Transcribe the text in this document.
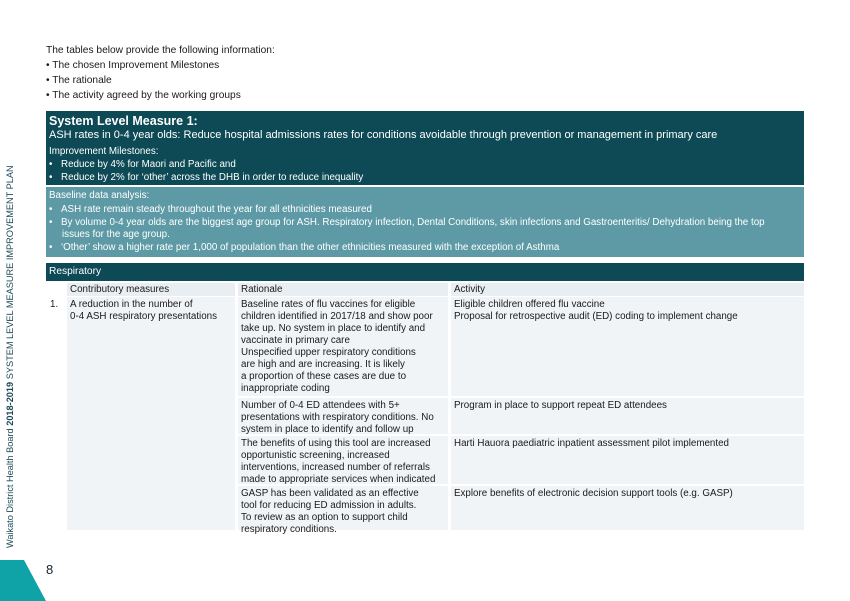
The tables below provide the following information:
• The chosen Improvement Milestones
• The rationale
• The activity agreed by the working groups
Waikato District Health Board 2018-2019 SYSTEM LEVEL MEASURE IMPROVEMENT PLAN
8
System Level Measure 1:
ASH rates in 0-4 year olds: Reduce hospital admissions rates for conditions avoidable through prevention or management in primary care
Improvement Milestones:
• Reduce by 4% for Maori and Pacific and
• Reduce by 2% for ‘other’ across the DHB in order to reduce inequality
Baseline data analysis:
• ASH rate remain steady throughout the year for all ethnicities measured
• By volume 0-4 year olds are the biggest age group for ASH. Respiratory infection, Dental Conditions, skin infections and Gastroenteritis/ Dehydration being the top
issues for the age group.
• ‘Other’ show a higher rate per 1,000 of population than the other ethnicities measured with the exception of Asthma
Respiratory
Contributory measures	Rationale	Activity
1. A reduction in the number of
0-4 ASH respiratory presentations
Baseline rates of flu vaccines for eligible
children identified in 2017/18 and show poor
take up. No system in place to identify and
vaccinate in primary care
Unspecified upper respiratory conditions
are high and are increasing. It is likely
a proportion of these cases are due to
inappropriate coding
Eligible children offered flu vaccine
Proposal for retrospective audit (ED) coding to implement change
Number of 0-4 ED attendees with 5+
presentations with respiratory conditions. No
system in place to identify and follow up
Program in place to support repeat ED attendees
The benefits of using this tool are increased
opportunistic screening, increased
interventions, increased number of referrals
made to appropriate services when indicated
Harti Hauora paediatric inpatient assessment pilot implemented
GASP has been validated as an effective
tool for reducing ED admission in adults.
To review as an option to support child
respiratory conditions.
Explore benefits of electronic decision support tools (e.g. GASP)
